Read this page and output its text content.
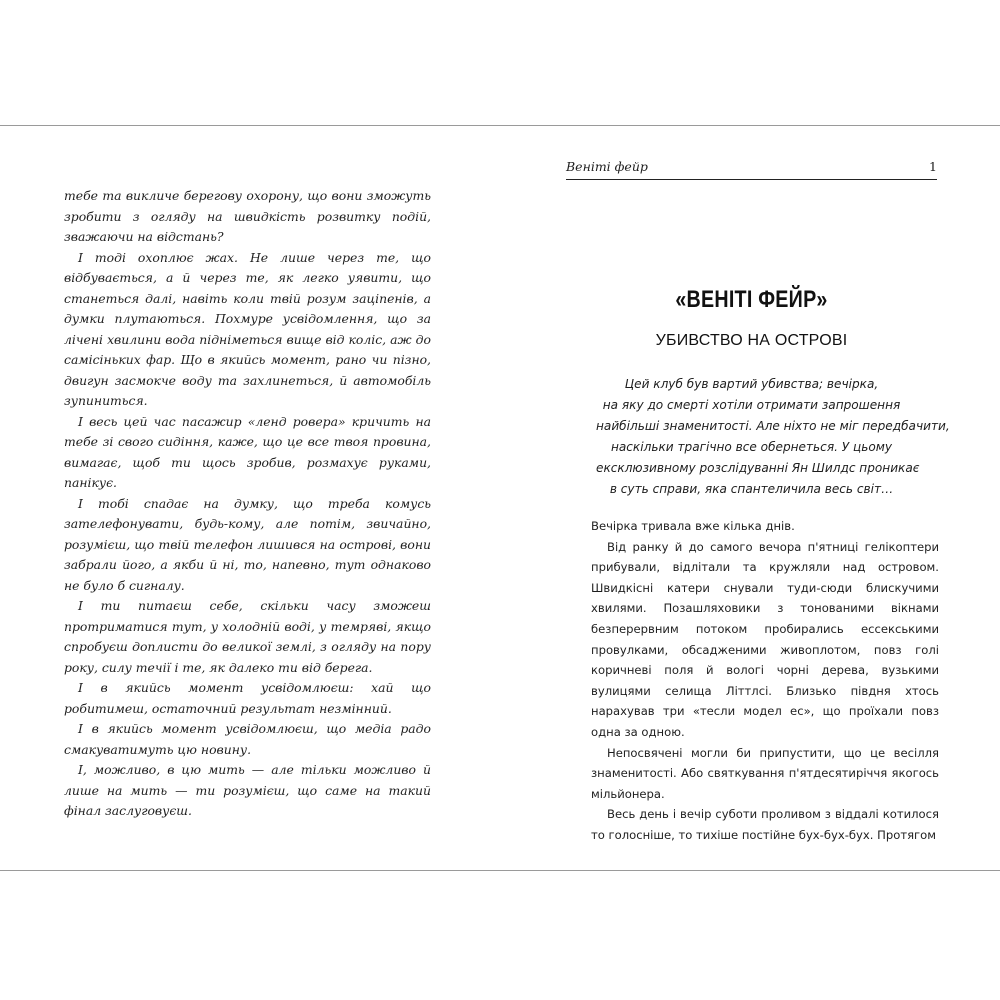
тебе та викличе берегову охорону, що вони зможуть зробити з огляду на швидкість розвитку подій, зважаючи на відстань?

І тоді охоплює жах. Не лише через те, що відбувається, а й через те, як легко уявити, що станеться далі, навіть коли твій розум заціпенів, а думки плутаються. Похмуре усвідомлення, що за лічені хвилини вода підніметься вище від коліс, аж до самісіньких фар. Що в якийсь момент, рано чи пізно, двигун засмокче воду та захлинеться, й автомобіль зупиниться.

І весь цей час пасажир «ленд ровера» кричить на тебе зі свого сидіння, каже, що це все твоя провина, вимагає, щоб ти щось зробив, розмахує руками, панікує.

І тобі спадає на думку, що треба комусь зателефонувати, будь-кому, але потім, звичайно, розумієш, що твій телефон лишився на острові, вони забрали його, а якби й ні, то, напевно, тут однаково не було б сигналу.

І ти питаєш себе, скільки часу зможеш протриматися тут, у холодній воді, у темряві, якщо спробуєш доплисти до великої землі, з огляду на пору року, силу течії і те, як далеко ти від берега.

І в якийсь момент усвідомлюєш: хай що робитимеш, остаточний результат незмінний.

І в якийсь момент усвідомлюєш, що медіа радо смакуватимуть цю новину.

І, можливо, в цю мить — але тільки можливо й лише на мить — ти розумієш, що саме на такий фінал заслуговуєш.

Веніті фейр	1
«ВЕНІТІ ФЕЙР»
УБИВСТВО НА ОСТРОВІ
Цей клуб був вартий убивства; вечірка,
на яку до смерті хотіли отримати запрошення
найбільші знаменитості. Але ніхто не міг передбачити,
наскільки трагічно все обернеться. У цьому
ексклюзивному розслідуванні Ян Шилдс проникає
в суть справи, яка спантеличила весь світ…

Вечірка тривала вже кілька днів.

Від ранку й до самого вечора п'ятниці гелікоптери прибували, відлітали та кружляли над островом. Швидкісні катери снували туди-сюди блискучими хвилями. Позашляховики з тонованими вікнами безперервним потоком пробирались ессекськими провулками, обсадженими живоплотом, повз голі коричневі поля й вологі чорні дерева, вузькими вулицями селища Літтлсі. Близько півдня хтось нарахував три «тесли модел ес», що проїхали повз одна за одною.

Непосвячені могли би припустити, що це весілля знаменитості. Або святкування п'ятдесятиріччя якогось мільйонера.

Весь день і вечір суботи проливом з віддалі котилося то голосніше, то тихіше постійне бух-бух-бух. Протягом
